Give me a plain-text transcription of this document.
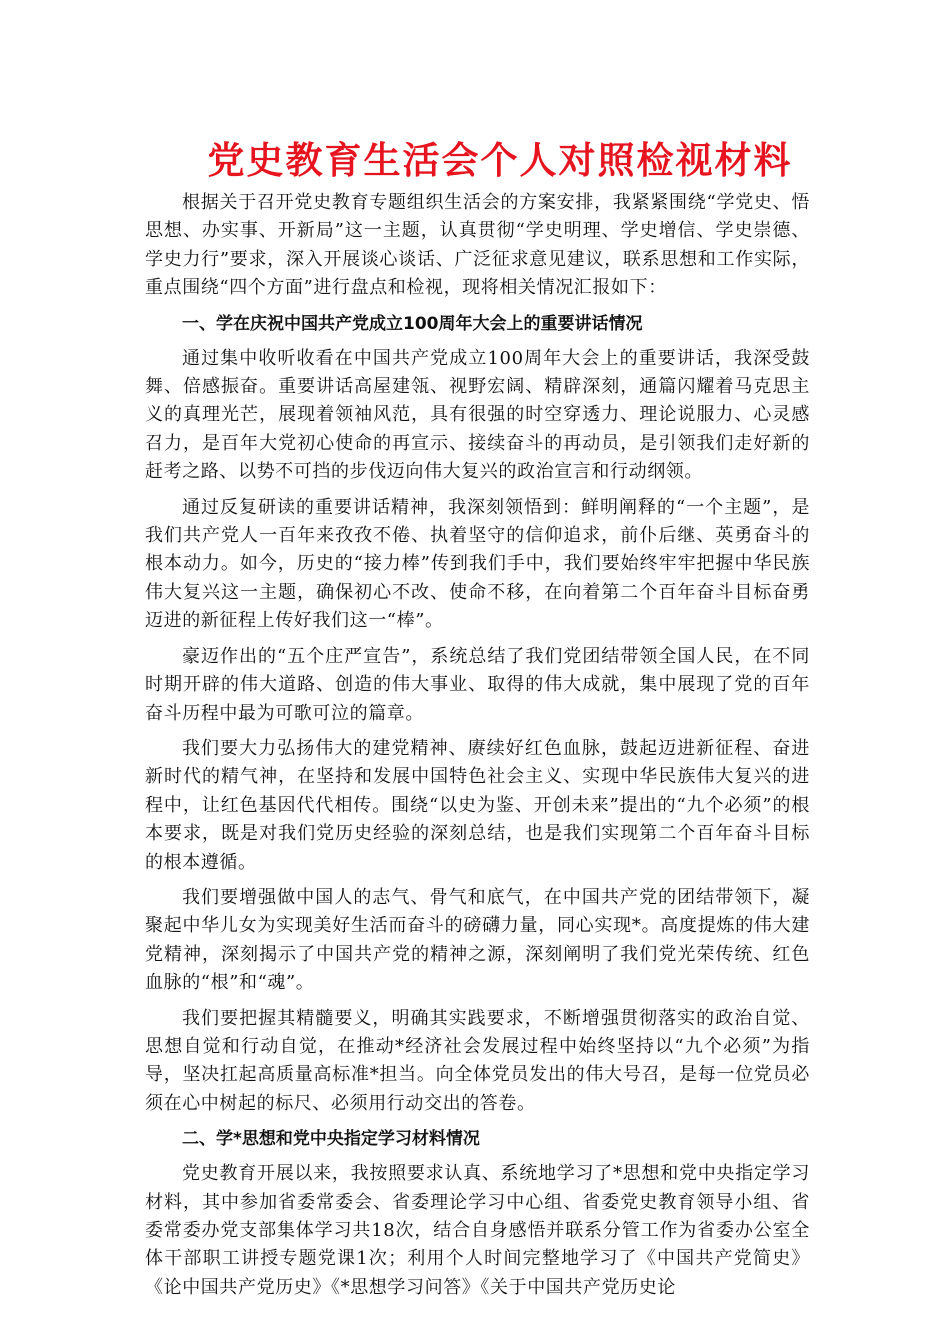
党史教育生活会个人对照检视材料

根据关于召开党史教育专题组织生活会的方案安排，我紧紧围绕“学党史、悟思想、办实事、开新局”这一主题，认真贯彻“学史明理、学史增信、学史崇德、学史力行”要求，深入开展谈心谈话、广泛征求意见建议，联系思想和工作实际，重点围绕“四个方面”进行盘点和检视，现将相关情况汇报如下：

一、学在庆祝中国共产党成立100周年大会上的重要讲话情况

通过集中收听收看在中国共产党成立100周年大会上的重要讲话，我深受鼓舞、倍感振奋。重要讲话高屋建瓴、视野宏阔、精辟深刻，通篇闪耀着马克思主义的真理光芒，展现着领袖风范，具有很强的时空穿透力、理论说服力、心灵感召力，是百年大党初心使命的再宣示、接续奋斗的再动员，是引领我们走好新的赶考之路、以势不可挡的步伐迈向伟大复兴的政治宣言和行动纲领。

通过反复研读的重要讲话精神，我深刻领悟到：鲜明阐释的“一个主题”，是我们共产党人一百年来孜孜不倦、执着坚守的信仰追求，前仆后继、英勇奋斗的根本动力。如今，历史的“接力棒”传到我们手中，我们要始终牢牢把握中华民族伟大复兴这一主题，确保初心不改、使命不移，在向着第二个百年奋斗目标奋勇迈进的新征程上传好我们这一“棒”。

豪迈作出的“五个庄严宣告”，系统总结了我们党团结带领全国人民，在不同时期开辟的伟大道路、创造的伟大事业、取得的伟大成就，集中展现了党的百年奋斗历程中最为可歌可泣的篇章。

我们要大力弘扬伟大的建党精神、赓续好红色血脉，鼓起迈进新征程、奋进新时代的精气神，在坚持和发展中国特色社会主义、实现中华民族伟大复兴的进程中，让红色基因代代相传。围绕“以史为鉴、开创未来”提出的“九个必须”的根本要求，既是对我们党历史经验的深刻总结，也是我们实现第二个百年奋斗目标的根本遵循。

我们要增强做中国人的志气、骨气和底气，在中国共产党的团结带领下，凝聚起中华儿女为实现美好生活而奋斗的磅礴力量，同心实现*。高度提炼的伟大建党精神，深刻揭示了中国共产党的精神之源，深刻阐明了我们党光荣传统、红色血脉的“根”和“魂”。

我们要把握其精髓要义，明确其实践要求，不断增强贯彻落实的政治自觉、思想自觉和行动自觉，在推动*经济社会发展过程中始终坚持以“九个必须”为指导，坚决扛起高质量高标准*担当。向全体党员发出的伟大号召，是每一位党员必须在心中树起的标尺、必须用行动交出的答卷。

二、学*思想和党中央指定学习材料情况

党史教育开展以来，我按照要求认真、系统地学习了*思想和党中央指定学习材料，其中参加省委常委会、省委理论学习中心组、省委党史教育领导小组、省委常委办党支部集体学习共18次，结合自身感悟并联系分管工作为省委办公室全体干部职工讲授专题党课1次；利用个人时间完整地学习了《中国共产党简史》《论中国共产党历史》《*思想学习问答》《关于中国共产党历史论
